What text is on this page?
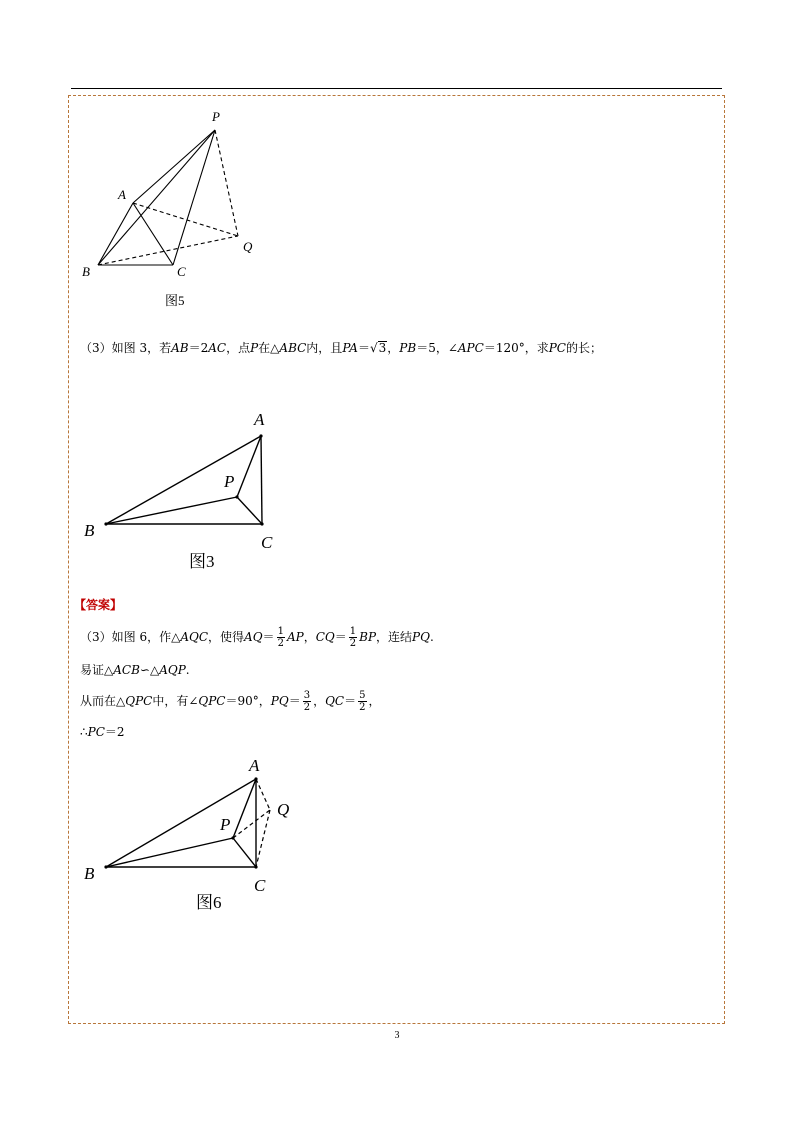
P
A
Q
B	C
图5
（3）如图 3，若 AB ＝2 AC ，点 P 在△ ABC 内，且 PA ＝ √ 3 ， PB ＝5，∠ APC ＝120°，求 PC 的长；
A
P
B
C
图3
【答案】
（3）如图 6，作△ AQC ，使得 AQ ＝ $\frac{1}{2}$ AP ， CQ ＝ $\frac{1}{2}$ BP ，连结 PQ .
易证△ ACB ∽△ AQP .
从而在△ QPC 中，有∠ QPC ＝90°， PQ ＝ $\frac{3}{2}$ ， QC ＝ $\frac{5}{2}$ ，
∴ PC ＝2
A
Q
P
B
C
图6
3
